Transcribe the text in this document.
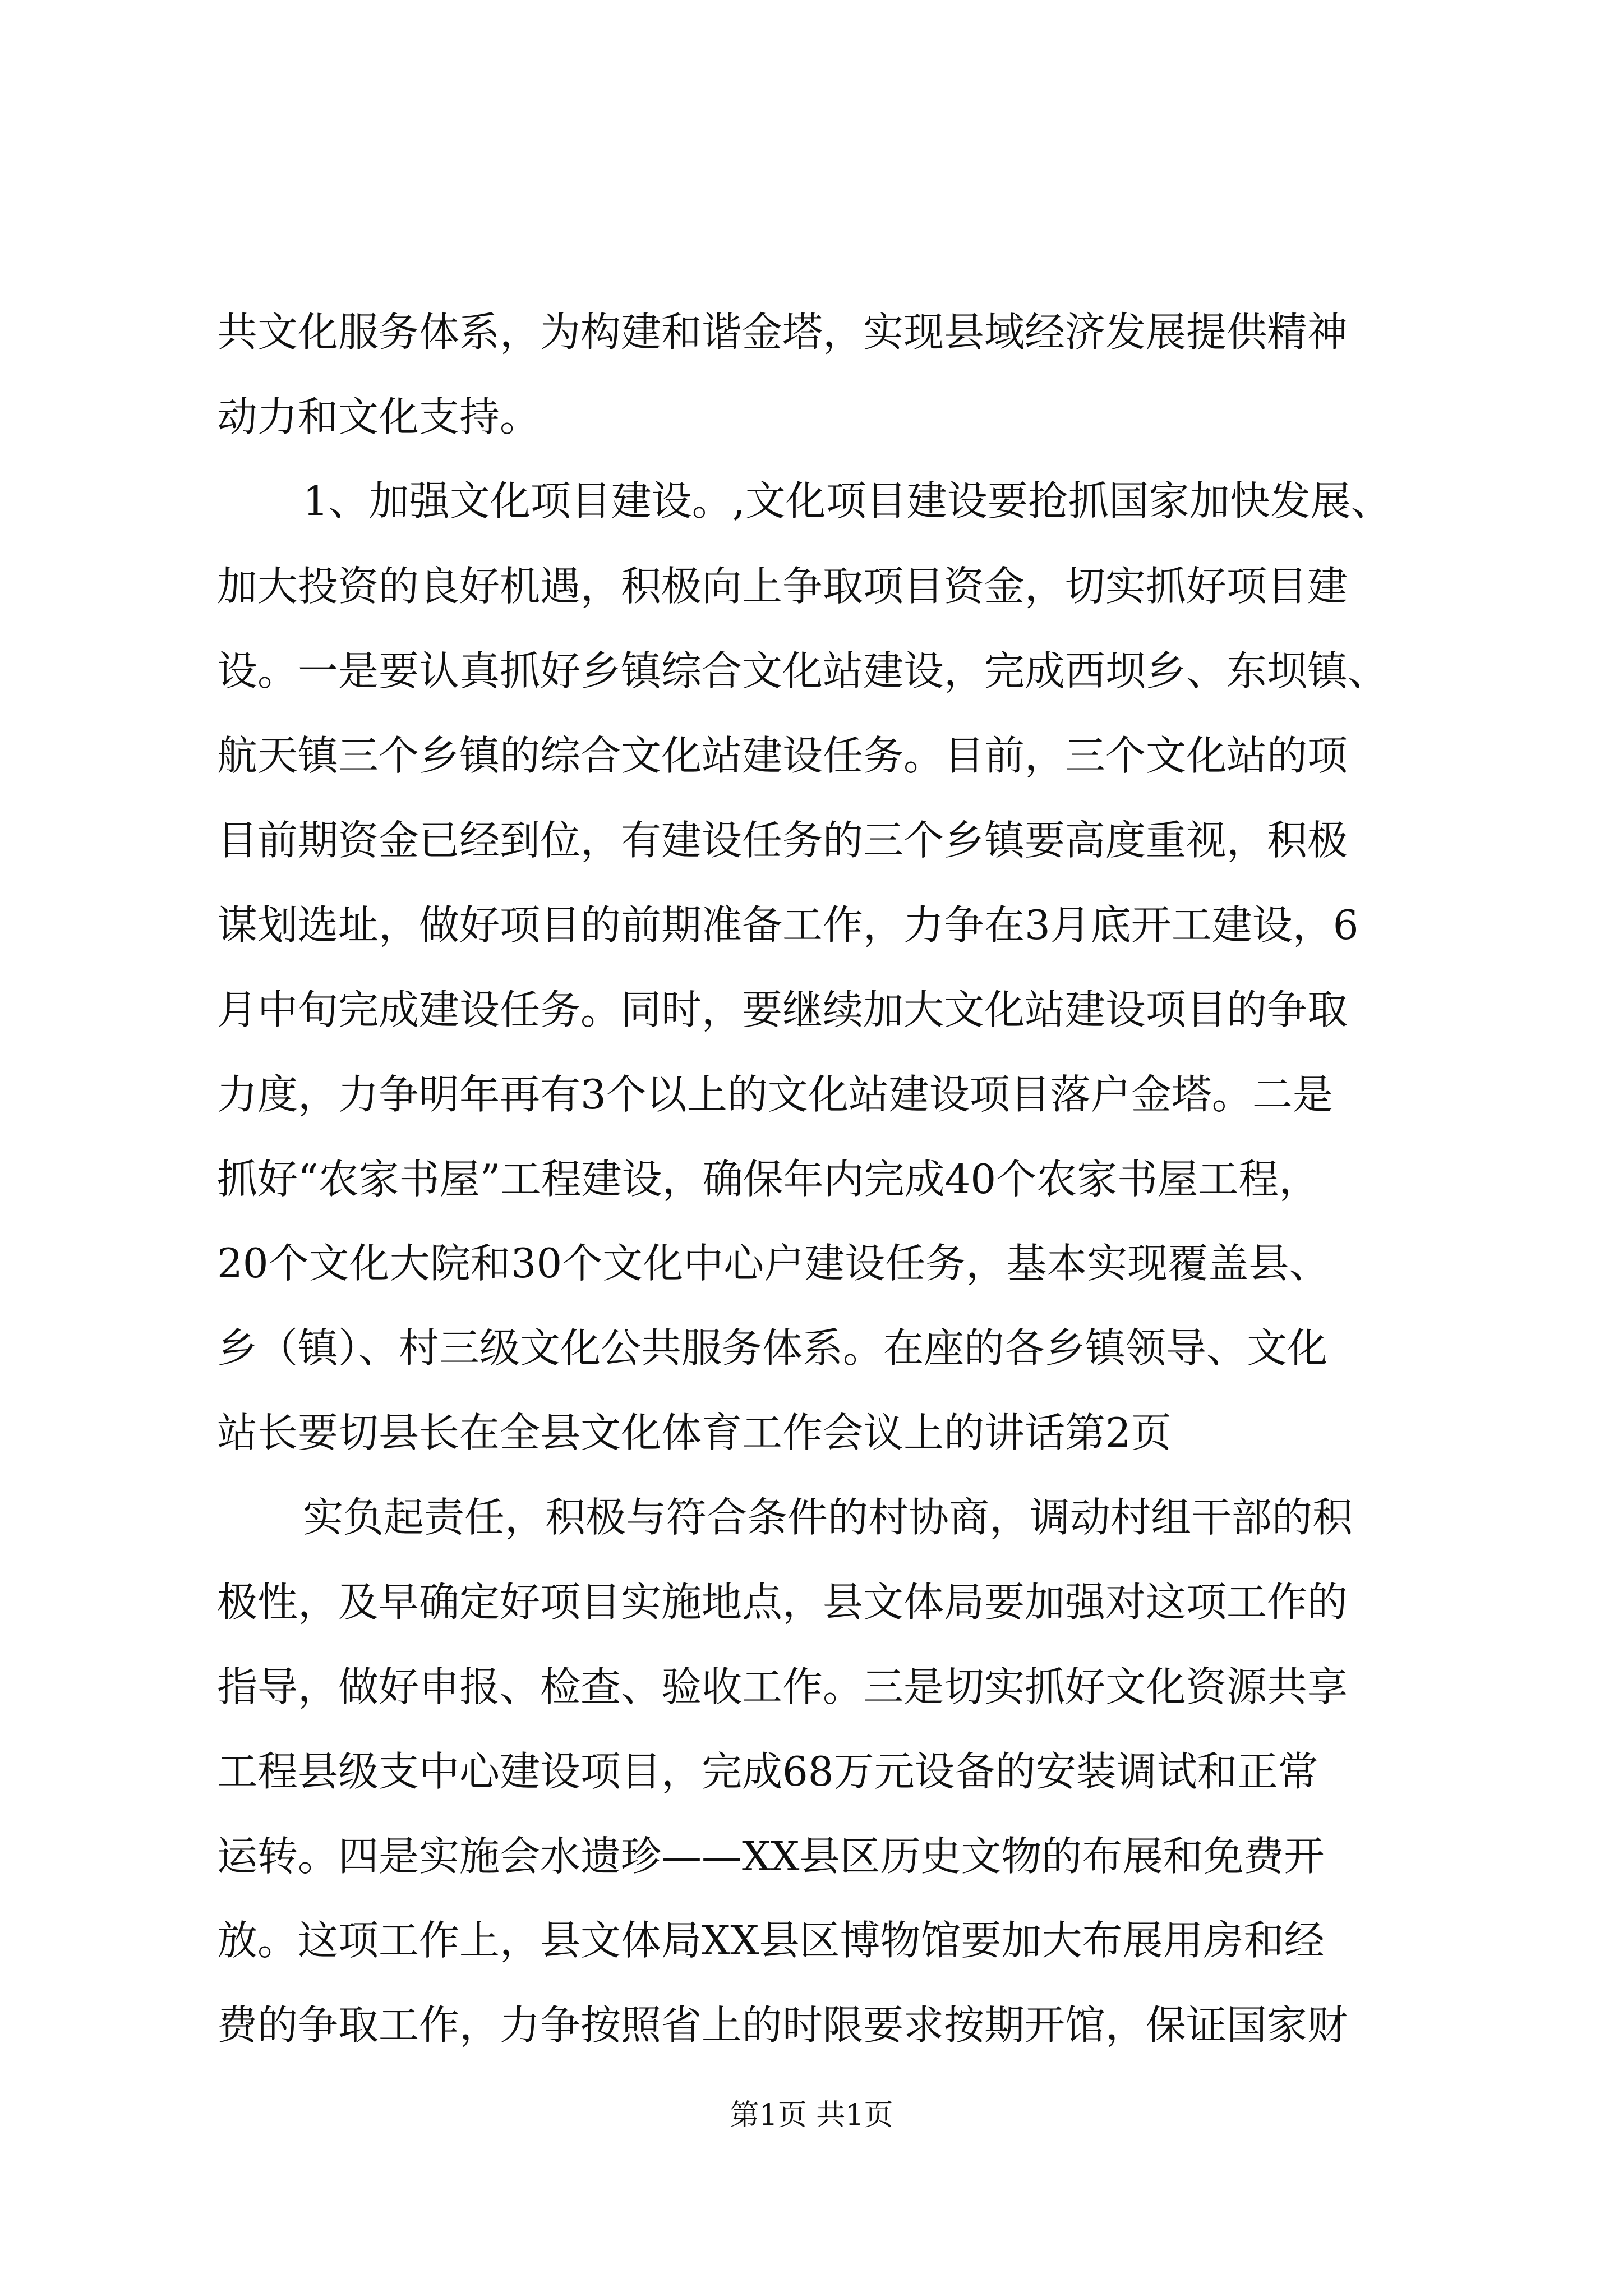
共文化服务体系，为构建和谐金塔，实现县域经济发展提供精神
动力和文化支持。
1、加强文化项目建设。,文化项目建设要抢抓国家加快发展、
加大投资的良好机遇，积极向上争取项目资金，切实抓好项目建
设。一是要认真抓好乡镇综合文化站建设，完成西坝乡、东坝镇、
航天镇三个乡镇的综合文化站建设任务。目前，三个文化站的项
目前期资金已经到位，有建设任务的三个乡镇要高度重视，积极
谋划选址，做好项目的前期准备工作，力争在3月底开工建设，6
月中旬完成建设任务。同时，要继续加大文化站建设项目的争取
力度，力争明年再有3个以上的文化站建设项目落户金塔。二是
抓好“农家书屋”工程建设，确保年内完成40个农家书屋工程，
20个文化大院和30个文化中心户建设任务，基本实现覆盖县、
乡（镇）、村三级文化公共服务体系。在座的各乡镇领导、文化
站长要切县长在全县文化体育工作会议上的讲话第2页
实负起责任，积极与符合条件的村协商，调动村组干部的积
极性，及早确定好项目实施地点，县文体局要加强对这项工作的
指导，做好申报、检查、验收工作。三是切实抓好文化资源共享
工程县级支中心建设项目，完成68万元设备的安装调试和正常
运转。四是实施会水遗珍——XX县区历史文物的布展和免费开
放。这项工作上，县文体局XX县区博物馆要加大布展用房和经
费的争取工作，力争按照省上的时限要求按期开馆，保证国家财
第1页 共1页
